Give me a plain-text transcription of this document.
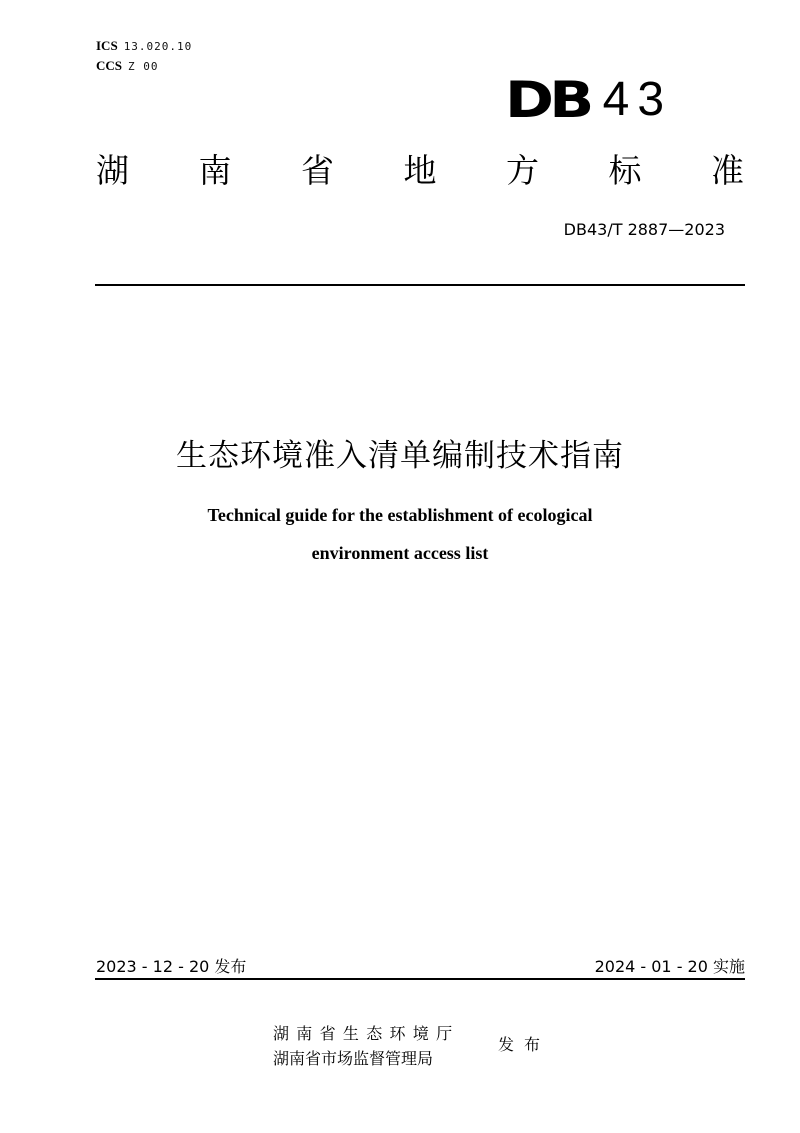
ICS 13.020.10
CCS Z 00
DB 43
湖 南 省 地 方 标 准
DB43/T 2887—2023
生态环境准入清单编制技术指南
Technical guide for the establishment of ecological
environment access list
2023 - 12 - 20 发布	2024 - 01 - 20 实施
湖南省生态环境厅
湖南省市场监督管理局
发布
